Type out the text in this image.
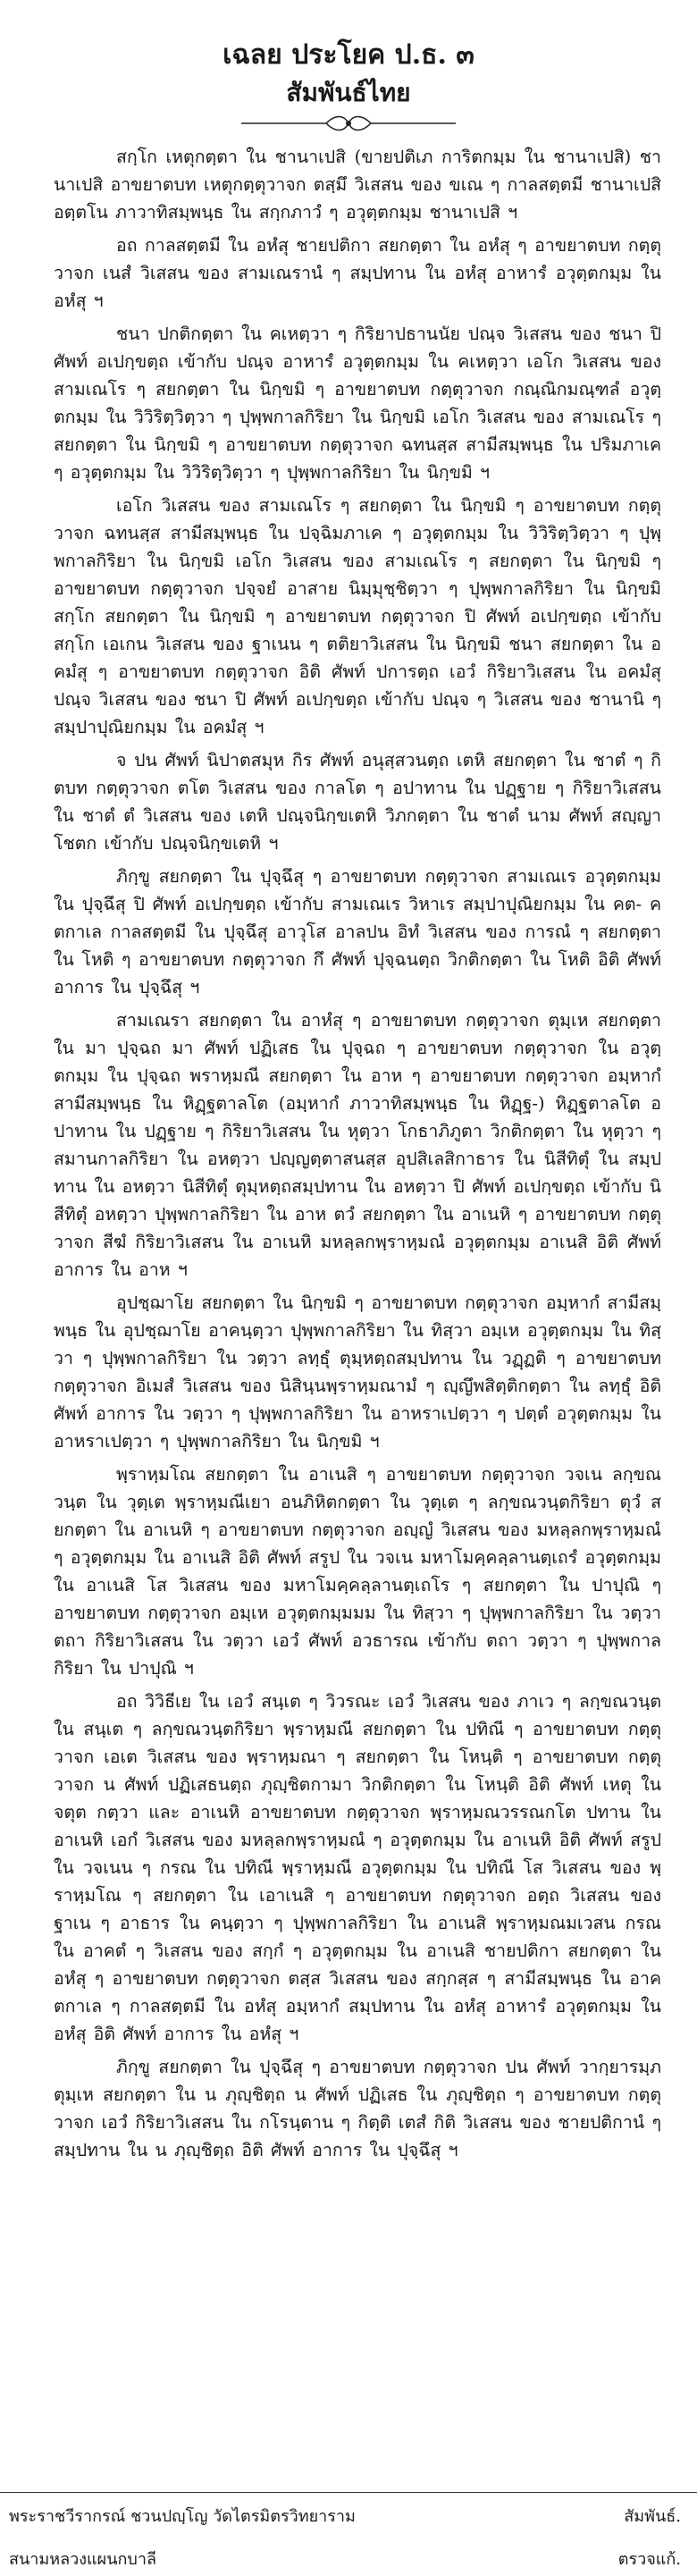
เฉลย ประโยค ป.ธ. ๓
สัมพันธ์ไทย

สกฺโก เหตุกตฺตา ใน ชานาเปสิ (ขายปติเภ การิตกมฺม ใน ชานาเปสิ) ชานาเปสิ อาขยาตบท เหตุกตฺตุวาจก ตสฺมึ วิเสสน ของ ขเณ ๆ กาลสตฺตมี ชานาเปสิ อตฺตโน ภาวาทิสมฺพนฺธ ใน สกฺกภาวํ ๆ อวุตฺตกมฺม ชานาเปสิ ฯ

อถ กาลสตฺตมี ใน อหํสุ ชายปติกา สยกตฺตา ใน อหํสุ ๆ อาขยาตบท กตฺตุวาจก เนสํ วิเสสน ของ สามเณรานํ ๆ สมฺปทาน ใน อหํสุ อาหารํ อวุตฺตกมฺม ใน อหํสุ ฯ

ชนา ปกติกตฺตา ใน คเหตฺวา ๆ กิริยาปธานนัย ปณฺจ วิเสสน ของ ชนา ปิ ศัพท์ อเปกฺขตฺถ เข้ากับ ปณฺจ อาหารํ อวุตฺตกมฺม ใน คเหตฺวา เอโก วิเสสน ของ สามเณโร ๆ สยกตฺตา ใน นิกฺขมิ ๆ อาขยาตบท กตฺตุวาจก กณฺณิกมณฺฑลํ อวุตฺตกมฺม ใน วิวิริตฺวิตฺวา ๆ ปุพฺพกาลกิริยา ใน นิกฺขมิ เอโก วิเสสน ของ สามเณโร ๆ สยกตฺตา ใน นิกฺขมิ ๆ อาขยาตบท กตฺตุวาจก ฉทนสฺส สามีสมฺพนฺธ ใน ปริมภาเค ๆ อวุตฺตกมฺม ใน วิวิริตฺวิตฺวา ๆ ปุพฺพกาลกิริยา ใน นิกฺขมิ ฯ

เอโก วิเสสน ของ สามเณโร ๆ สยกตฺตา ใน นิกฺขมิ ๆ อาขยาตบท กตฺตุวาจก ฉทนสฺส สามีสมฺพนฺธ ใน ปจฺฉิมภาเค ๆ อวุตฺตกมฺม ใน วิวิริตฺวิตฺวา ๆ ปุพฺพกาลกิริยา ใน นิกฺขมิ เอโก วิเสสน ของ สามเณโร ๆ สยกตฺตา ใน นิกฺขมิ ๆ อาขยาตบท กตฺตุวาจก ปจฺจยํ อาสาย นิมฺมุชฺชิตฺวา ๆ ปุพฺพกาลกิริยา ใน นิกฺขมิ สกฺโก สยกตฺตา ใน นิกฺขมิ ๆ อาขยาตบท กตฺตุวาจก ปิ ศัพท์ อเปกฺขตฺถ เข้ากับ สกฺโก เอเกน วิเสสน ของ ฐาเนน ๆ ตติยาวิเสสน ใน นิกฺขมิ ชนา สยกตฺตา ใน อคมํสุ ๆ อาขยาตบท กตฺตุวาจก อิติ ศัพท์ ปการตฺถ เอวํ กิริยาวิเสสน ใน อคมํสุ ปณฺจ วิเสสน ของ ชนา ปิ ศัพท์ อเปกฺขตฺถ เข้ากับ ปณฺจ ๆ วิเสสน ของ ชานานิ ๆ สมฺปาปุณิยกมฺม ใน อคมํสุ ฯ

จ ปน ศัพท์ นิปาตสมุห กิร ศัพท์ อนุสฺสวนตฺถ เตหิ สยกตฺตา ใน ชาตํ ๆ กิตบท กตฺตุวาจก ตโต วิเสสน ของ กาลโต ๆ อปาทาน ใน ปฏฺฐาย ๆ กิริยาวิเสสน ใน ชาตํ ตํ วิเสสน ของ เตหิ ปณฺจนิกฺขเตหิ วิภกตฺตา ใน ชาตํ นาม ศัพท์ สญฺญาโชตก เข้ากับ ปณฺจนิกฺขเตหิ ฯ

ภิกฺขู สยกตฺตา ใน ปุจฺฉึสุ ๆ อาขยาตบท กตฺตุวาจก สามเณเร อวุตฺตกมฺม ใน ปุจฺฉึสุ ปิ ศัพท์ อเปกฺขตฺถ เข้ากับ สามเณเร วิหาเร สมฺปาปุณิยกมฺม ใน คต- คตกาเล กาลสตฺตมี ใน ปุจฺฉึสุ อาวุโส อาลปน อิทํ วิเสสน ของ การณํ ๆ สยกตฺตา ใน โหติ ๆ อาขยาตบท กตฺตุวาจก กึ ศัพท์ ปุจฺฉนตฺถ วิกติกตฺตา ใน โหติ อิติ ศัพท์ อาการ ใน ปุจฺฉึสุ ฯ

สามเณรา สยกตฺตา ใน อาหํสุ ๆ อาขยาตบท กตฺตุวาจก ตุมฺเห สยกตฺตา ใน มา ปุจฺฉถ มา ศัพท์ ปฏิเสธ ใน ปุจฺฉถ ๆ อาขยาตบท กตฺตุวาจก ใน อวุตฺตกมฺม ใน ปุจฺฉถ พราหฺมณี สยกตฺตา ใน อาห ๆ อาขยาตบท กตฺตุวาจก อมฺหากํ สามีสมฺพนฺธ ใน หิฏฺฐตาลโต (อมฺหากํ ภาวาทิสมฺพนฺธ ใน หิฏฺฐ-) หิฏฺฐตาลโต อปาทาน ใน ปฏฺฐาย ๆ กิริยาวิเสสน ใน หุตฺวา โกธาภิภูตา วิกติกตฺตา ใน หุตฺวา ๆ สมานกาลกิริยา ใน อหตฺวา ปญฺญตฺตาสนสฺส อุปสิเลสิกาธาร ใน นิสีทิตุํ ใน สมฺปทาน ใน อหตฺวา นิสีทิตุํ ตุมฺหตฺถสมฺปทาน ใน อหตฺวา ปิ ศัพท์ อเปกฺขตฺถ เข้ากับ นิสีทิตุํ อหตฺวา ปุพฺพกาลกิริยา ใน อาห ตวํ สยกตฺตา ใน อาเนหิ ๆ อาขยาตบท กตฺตุวาจก สีฆํ กิริยาวิเสสน ใน อาเนหิ มหลฺลกพฺราหฺมณํ อวุตฺตกมฺม อาเนสิ อิติ ศัพท์ อาการ ใน อาห ฯ

อุปชฺฌาโย สยกตฺตา ใน นิกฺขมิ ๆ อาขยาตบท กตฺตุวาจก อมฺหากํ สามีสมฺพนฺธ ใน อุปชฺฌาโย อาคนฺตฺวา ปุพฺพกาลกิริยา ใน ทิสฺวา อมฺเห อวุตฺตกมฺม ใน ทิสฺวา ๆ ปุพฺพกาลกิริยา ใน วตฺวา ลทฺธุํ ตุมฺหตฺถสมฺปทาน ใน วฏฺฏติ ๆ อาขยาตบท กตฺตุวาจก อิเมสํ วิเสสน ของ นิสินฺนพฺราหฺมณามํ ๆ ญฺญึพสิตฺติกตฺตา ใน ลทฺธุํ อิติ ศัพท์ อาการ ใน วตฺวา ๆ ปุพฺพกาลกิริยา ใน อาหราเปตฺวา ๆ ปตฺตํ อวุตฺตกมฺม ใน อาหราเปตฺวา ๆ ปุพฺพกาลกิริยา ใน นิกฺขมิ ฯ

พฺราหฺมโณ สยกตฺตา ใน อาเนสิ ๆ อาขยาตบท กตฺตุวาจก วจเน ลกฺขณวนฺต ใน วุตฺเต พฺราหฺมณีเยา อนภิหิตกตฺตา ใน วุตฺเต ๆ ลกฺขณวนฺตกิริยา ตุวํ สยกตฺตา ใน อาเนหิ ๆ อาขยาตบท กตฺตุวาจก อญฺญํ วิเสสน ของ มหลฺลกพฺราหฺมณํ ๆ อวุตฺตกมฺม ใน อาเนสิ อิติ ศัพท์ สรูป ใน วจเน มหาโมคฺคลฺลานตฺเถรํ อวุตฺตกมฺม ใน อาเนสิ โส วิเสสน ของ มหาโมคฺคลฺลานตฺเถโร ๆ สยกตฺตา ใน ปาปุณิ ๆ อาขยาตบท กตฺตุวาจก อมฺเห อวุตฺตกมฺมมม ใน ทิสฺวา ๆ ปุพฺพกาลกิริยา ใน วตฺวา ตถา กิริยาวิเสสน ใน วตฺวา เอวํ ศัพท์ อวธารณ เข้ากับ ตถา วตฺวา ๆ ปุพฺพกาลกิริยา ใน ปาปุณิ ฯ

อถ วิวิธีเย ใน เอวํ สนฺเต ๆ วิวรณะ เอวํ วิเสสน ของ ภาเว ๆ ลกฺขณวนฺต ใน สนฺเต ๆ ลกฺขณวนฺตกิริยา พฺราหฺมณี สยกตฺตา ใน ปทิณี ๆ อาขยาตบท กตฺตุวาจก เอเต วิเสสน ของ พฺราหฺมณา ๆ สยกตฺตา ใน โหนฺติ ๆ อาขยาตบท กตฺตุวาจก น ศัพท์ ปฏิเสธนตฺถ ภุญฺชิตกามา วิกติกตฺตา ใน โหนฺติ อิติ ศัพท์ เหตุ ใน จตุต กตฺวา และ อาเนหิ อาขยาตบท กตฺตุวาจก พฺราหฺมณวรรณกโต ปทาน ใน อาเนหิ เอกํ วิเสสน ของ มหลฺลกพฺราหฺมณํ ๆ อวุตฺตกมฺม ใน อาเนหิ อิติ ศัพท์ สรูป ใน วจเนน ๆ กรณ ใน ปทิณี พฺราหฺมณี อวุตฺตกมฺม ใน ปทิณี โส วิเสสน ของ พฺราหฺมโณ ๆ สยกตฺตา ใน เอาเนสิ ๆ อาขยาตบท กตฺตุวาจก อตฺถ วิเสสน ของ ฐาเน ๆ อาธาร ใน คนฺตฺวา ๆ ปุพฺพกาลกิริยา ใน อาเนสิ พฺราหฺมณมเวสน กรณ ใน อาคตํ ๆ วิเสสน ของ สกฺกํ ๆ อวุตฺตกมฺม ใน อาเนสิ ชายปติกา สยกตฺตา ใน อหํสุ ๆ อาขยาตบท กตฺตุวาจก ตสฺส วิเสสน ของ สกฺกสฺส ๆ สามีสมฺพนฺธ ใน อาคตกาเล ๆ กาลสตฺตมี ใน อหํสุ อมฺหากํ สมฺปทาน ใน อหํสุ อาหารํ อวุตฺตกมฺม ใน อหํสุ อิติ ศัพท์ อาการ ใน อหํสุ ฯ

ภิกฺขู สยกตฺตา ใน ปุจฺฉึสุ ๆ อาขยาตบท กตฺตุวาจก ปน ศัพท์ วากฺยารมฺภ ตุมฺเห สยกตฺตา ใน น ภุญฺชิตฺถ น ศัพท์ ปฏิเสธ ใน ภุญฺชิตฺถ ๆ อาขยาตบท กตฺตุวาจก เอวํ กิริยาวิเสสน ใน กโรนฺตาน ๆ กิตฺติ เตสํ กิติ วิเสสน ของ ชายปติกานํ ๆ สมฺปทาน ใน น ภุญฺชิตฺถ อิติ ศัพท์ อาการ ใน ปุจฺฉึสุ ฯ

พระราชวีรากรณ์ ชวนปญฺโญ วัดไตรมิตรวิทยาราม
สนามหลวงแผนกบาลี
สัมพันธ์.
ตรวจแก้.
